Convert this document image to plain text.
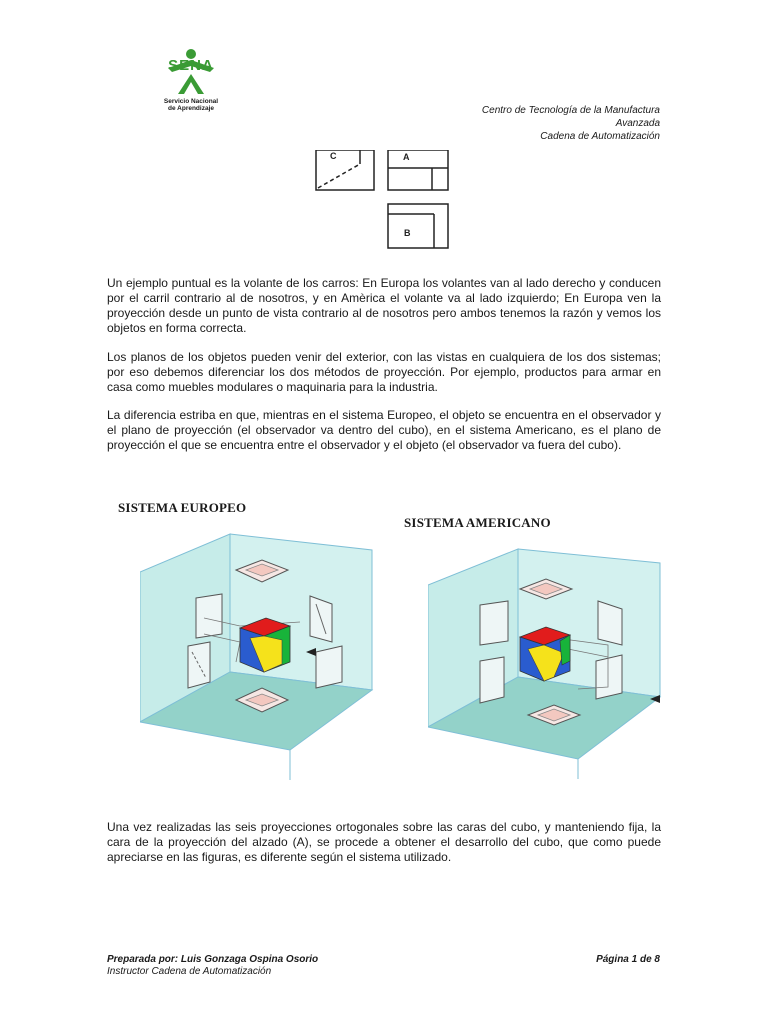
SENA
Servicio Nacional
de Aprendizaje	Centro de Tecnología de la Manufactura
Avanzada
Cadena de Automatización
C	A
B

Un ejemplo puntual es la volante de los carros: En Europa los volantes van al lado derecho y conducen por el carril contrario al de nosotros, y en Amèrica el volante va al lado izquierdo; En Europa ven la proyección desde un punto de vista contrario al de nosotros pero ambos tenemos la razón y vemos los objetos en forma correcta.

Los planos de los objetos pueden venir del exterior, con las vistas en cualquiera de los dos sistemas; por eso debemos diferenciar los dos métodos de proyección. Por ejemplo, productos para armar en casa como muebles modulares o maquinaria para la industria.

La diferencia estriba en que, mientras en el sistema Europeo, el objeto se encuentra en el observador y el plano de proyección (el observador va dentro del cubo), en el sistema Americano, es el plano de proyección el que se encuentra entre el observador y el objeto (el observador va fuera del cubo).

SISTEMA EUROPEO
SISTEMA AMERICANO

Una vez realizadas las seis proyecciones ortogonales sobre las caras del cubo, y manteniendo fija, la cara de la proyección del alzado (A), se procede a obtener el desarrollo del cubo, que como puede apreciarse en las figuras, es diferente según el sistema utilizado.

Preparada por: Luis Gonzaga Ospina Osorio
Instructor Cadena de Automatización
Página 1 de 8
